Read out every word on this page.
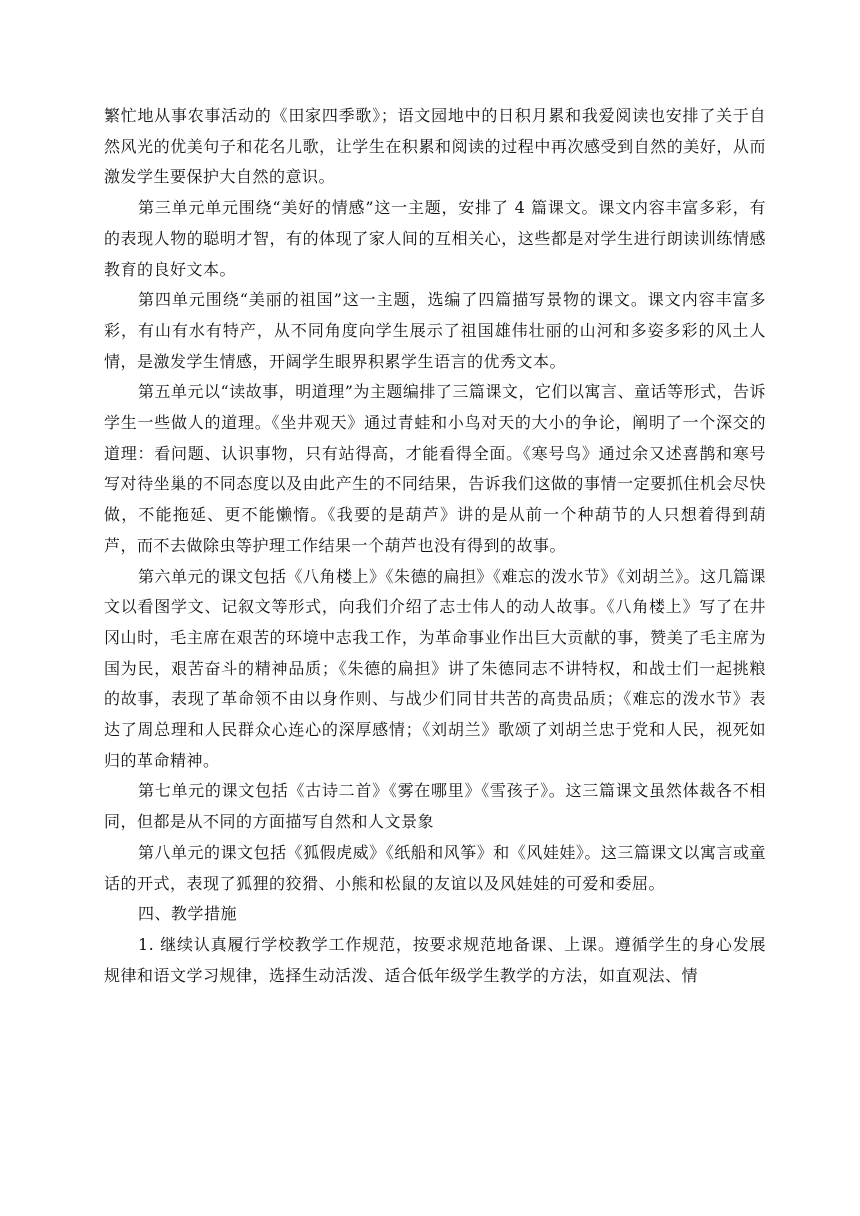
繁忙地从事农事活动的《田家四季歌》；语文园地中的日积月累和我爱阅读也安排了关于自然风光的优美句子和花名儿歌，让学生在积累和阅读的过程中再次感受到自然的美好，从而激发学生要保护大自然的意识。

第三单元单元围绕“美好的情感”这一主题，安排了 4 篇课文。课文内容丰富多彩，有的表现人物的聪明才智，有的体现了家人间的互相关心，这些都是对学生进行朗读训练情感教育的良好文本。

第四单元围绕“美丽的祖国”这一主题，选编了四篇描写景物的课文。课文内容丰富多彩，有山有水有特产，从不同角度向学生展示了祖国雄伟壮丽的山河和多姿多彩的风土人情，是激发学生情感，开阔学生眼界积累学生语言的优秀文本。

第五单元以“读故事，明道理”为主题编排了三篇课文，它们以寓言、童话等形式，告诉学生一些做人的道理。《坐井观天》通过青蛙和小鸟对天的大小的争论，阐明了一个深交的道理：看问题、认识事物，只有站得高，才能看得全面。《寒号鸟》通过余又述喜鹊和寒号写对待坐巢的不同态度以及由此产生的不同结果，告诉我们这做的事情一定要抓住机会尽快做，不能拖延、更不能懒惰。《我要的是葫芦》讲的是从前一个种葫节的人只想着得到葫芦，而不去做除虫等护理工作结果一个葫芦也没有得到的故事。

第六单元的课文包括《八角楼上》《朱德的扁担》《难忘的泼水节》《刘胡兰》。这几篇课文以看图学文、记叙文等形式，向我们介绍了志士伟人的动人故事。《八角楼上》写了在井冈山时，毛主席在艰苦的环境中志我工作，为革命事业作出巨大贡献的事，赞美了毛主席为国为民，艰苦奋斗的精神品质；《朱德的扁担》讲了朱德同志不讲特权，和战士们一起挑粮的故事，表现了革命领不由以身作则、与战少们同甘共苦的高贵品质；《难忘的泼水节》表达了周总理和人民群众心连心的深厚感情；《刘胡兰》歌颂了刘胡兰忠于党和人民，视死如归的革命精神。

第七单元的课文包括《古诗二首》《雾在哪里》《雪孩子》。这三篇课文虽然体裁各不相同，但都是从不同的方面描写自然和人文景象

第八单元的课文包括《狐假虎威》《纸船和风筝》和《风娃娃》。这三篇课文以寓言或童话的开式，表现了狐狸的狡猾、小熊和松鼠的友谊以及风娃娃的可爱和委屈。

四、教学措施

1. 继续认真履行学校教学工作规范，按要求规范地备课、上课。遵循学生的身心发展规律和语文学习规律，选择生动活泼、适合低年级学生教学的方法，如直观法、情
